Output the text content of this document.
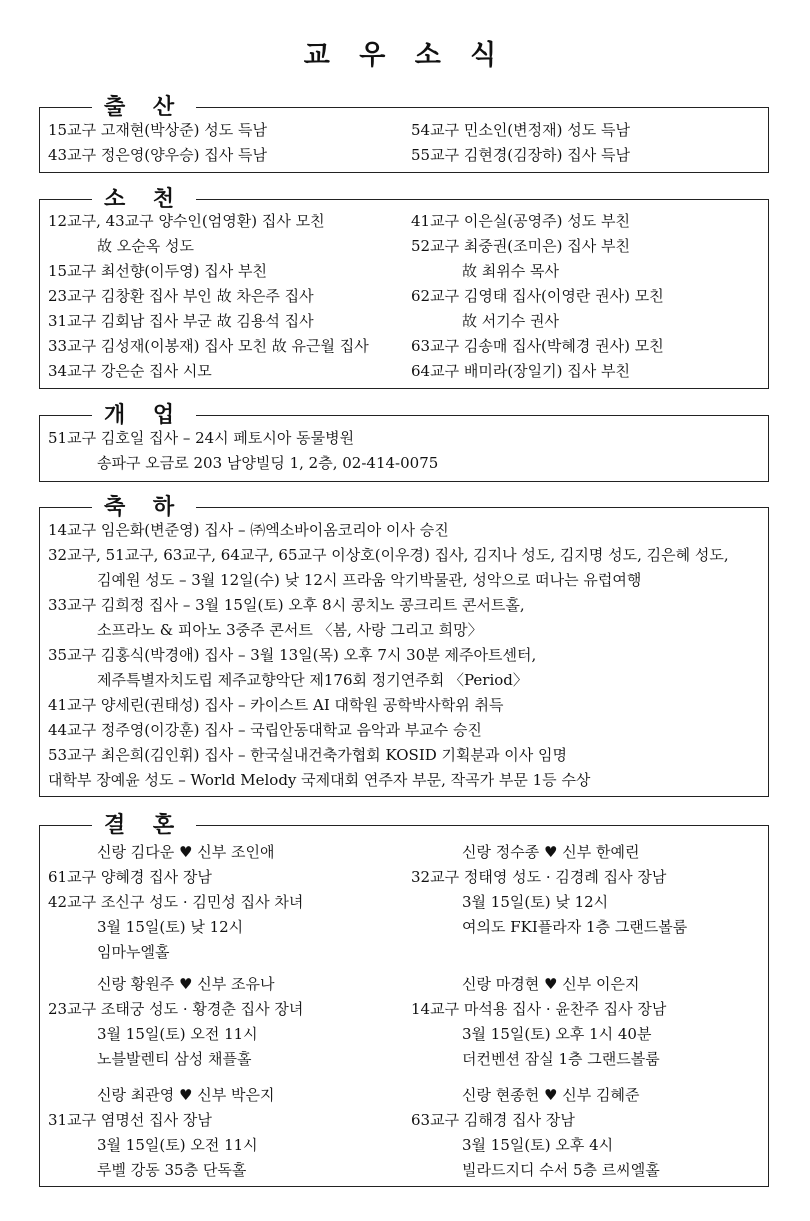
교 우 소 식
출 산
15교구 고재현(박상준) 성도 득남
43교구 정은영(양우승) 집사 득남
54교구 민소인(변정재) 성도 득남
55교구 김현경(김장하) 집사 득남
소 천
12교구, 43교구 양수인(엄영환) 집사 모친
故 오순옥 성도
15교구 최선향(이두영) 집사 부친
23교구 김창환 집사 부인 故 차은주 집사
31교구 김회남 집사 부군 故 김용석 집사
33교구 김성재(이봉재) 집사 모친 故 유근월 집사
34교구 강은순 집사 시모
41교구 이은실(공영주) 성도 부친
52교구 최중권(조미은) 집사 부친
故 최위수 목사
62교구 김영태 집사(이영란 권사) 모친
故 서기수 권사
63교구 김송매 집사(박혜경 권사) 모친
64교구 배미라(장일기) 집사 부친
개 업
51교구 김호일 집사 – 24시 페토시아 동물병원
송파구 오금로 203 남양빌딩 1, 2층, 02-414-0075
축 하
14교구 임은화(변준영) 집사 – ㈜엑소바이옴코리아 이사 승진
32교구, 51교구, 63교구, 64교구, 65교구 이상호(이우경) 집사, 김지나 성도, 김지명 성도, 김은혜 성도,
김예원 성도 – 3월 12일(수) 낮 12시 프라움 악기박물관, 성악으로 떠나는 유럽여행
33교구 김희정 집사 – 3월 15일(토) 오후 8시 콩치노 콩크리트 콘서트홀,
소프라노 & 피아노 3중주 콘서트 〈봄, 사랑 그리고 희망〉
35교구 김홍식(박경애) 집사 – 3월 13일(목) 오후 7시 30분 제주아트센터,
제주특별자치도립 제주교향악단 제176회 정기연주회 〈Period〉
41교구 양세린(권태성) 집사 – 카이스트 AI 대학원 공학박사학위 취득
44교구 정주영(이강훈) 집사 – 국립안동대학교 음악과 부교수 승진
53교구 최은희(김인휘) 집사 – 한국실내건축가협회 KOSID 기획분과 이사 임명
대학부 장예윤 성도 – World Melody 국제대회 연주자 부문, 작곡가 부문 1등 수상
결 혼
신랑 김다운 ♥ 신부 조인애
61교구 양혜경 집사 장남
42교구 조신구 성도 · 김민성 집사 차녀
3월 15일(토) 낮 12시
임마누엘홀
신랑 정수종 ♥ 신부 한예린
32교구 정태영 성도 · 김경례 집사 장남
3월 15일(토) 낮 12시
여의도 FKI플라자 1층 그랜드볼룸
신랑 황원주 ♥ 신부 조유나
23교구 조태궁 성도 · 황경춘 집사 장녀
3월 15일(토) 오전 11시
노블발렌티 삼성 채플홀
신랑 마경현 ♥ 신부 이은지
14교구 마석용 집사 · 윤찬주 집사 장남
3월 15일(토) 오후 1시 40분
더컨벤션 잠실 1층 그랜드볼룸
신랑 최관영 ♥ 신부 박은지
31교구 염명선 집사 장남
3월 15일(토) 오전 11시
루벨 강동 35층 단독홀
신랑 현종헌 ♥ 신부 김혜준
63교구 김해경 집사 장남
3월 15일(토) 오후 4시
빌라드지디 수서 5층 르씨엘홀
